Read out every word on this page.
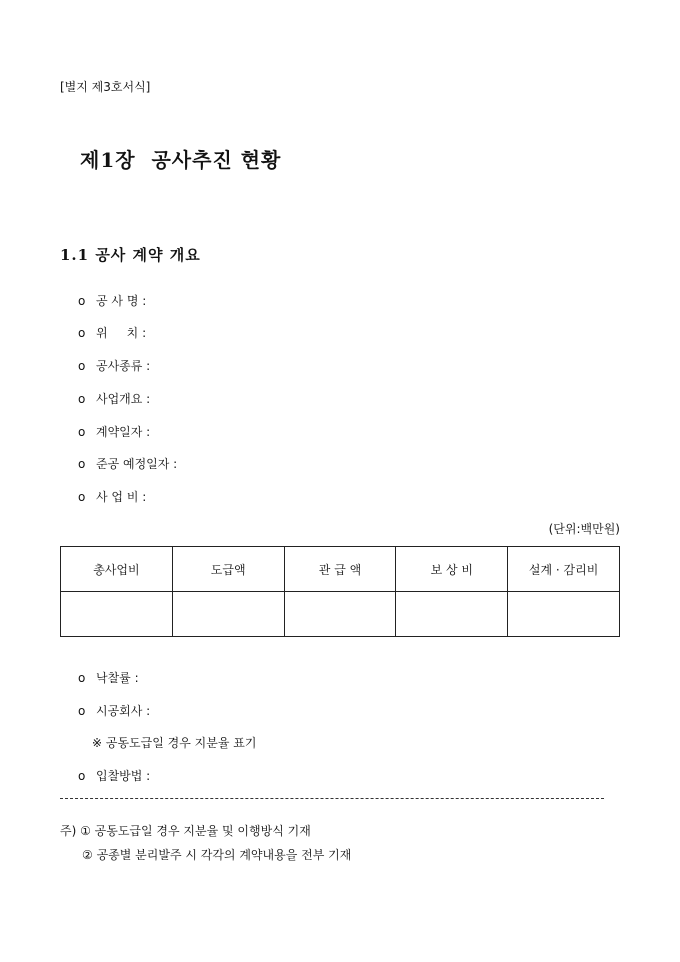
[별지 제3호서식]
제1장  공사추진 현황
1.1 공사 계약 개요
o 공 사 명 :
o 위     치 :
o 공사종류 :
o 사업개요 :
o 계약일자 :
o 준공 예정일자 :
o 사 업 비 :
(단위:백만원)
총사업비	도급액	관 급 액	보 상 비	설계 · 감리비

o 낙찰률 :
o 시공회사 :
※ 공동도급일 경우 지분율 표기
o 입찰방법 :
주) ① 공동도급일 경우 지분율 및 이행방식 기재
② 공종별 분리발주 시 각각의 계약내용을 전부 기재
